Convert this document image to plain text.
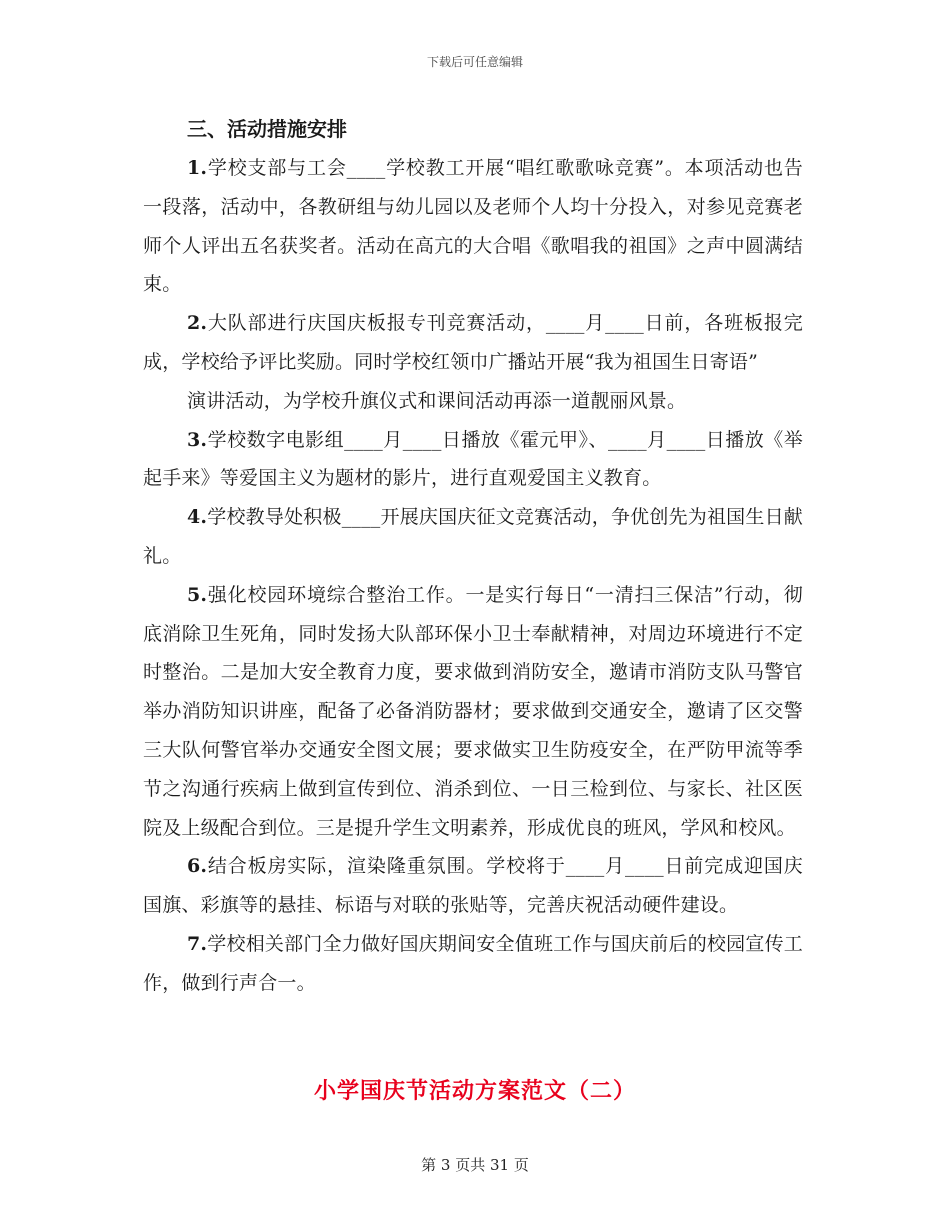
下载后可任意编辑
三、活动措施安排

1.学校支部与工会____学校教工开展“唱红歌歌咏竞赛”。本项活动也告一段落，活动中，各教研组与幼儿园以及老师个人均十分投入，对参见竞赛老师个人评出五名获奖者。活动在高亢的大合唱《歌唱我的祖国》之声中圆满结束。

2.大队部进行庆国庆板报专刊竞赛活动，____月____日前，各班板报完成，学校给予评比奖励。同时学校红领巾广播站开展“我为祖国生日寄语”

演讲活动，为学校升旗仪式和课间活动再添一道靓丽风景。

3.学校数字电影组____月____日播放《霍元甲》、____月____日播放《举起手来》等爱国主义为题材的影片，进行直观爱国主义教育。

4.学校教导处积极____开展庆国庆征文竞赛活动，争优创先为祖国生日献礼。

5.强化校园环境综合整治工作。一是实行每日“一清扫三保洁”行动，彻底消除卫生死角，同时发扬大队部环保小卫士奉献精神，对周边环境进行不定时整治。二是加大安全教育力度，要求做到消防安全，邀请市消防支队马警官举办消防知识讲座，配备了必备消防器材；要求做到交通安全，邀请了区交警三大队何警官举办交通安全图文展；要求做实卫生防疫安全，在严防甲流等季节之沟通行疾病上做到宣传到位、消杀到位、一日三检到位、与家长、社区医院及上级配合到位。三是提升学生文明素养，形成优良的班风，学风和校风。

6.结合板房实际，渲染隆重氛围。学校将于____月____日前完成迎国庆国旗、彩旗等的悬挂、标语与对联的张贴等，完善庆祝活动硬件建设。

7.学校相关部门全力做好国庆期间安全值班工作与国庆前后的校园宣传工作，做到行声合一。

小学国庆节活动方案范文（二）
第 3 页共 31 页
